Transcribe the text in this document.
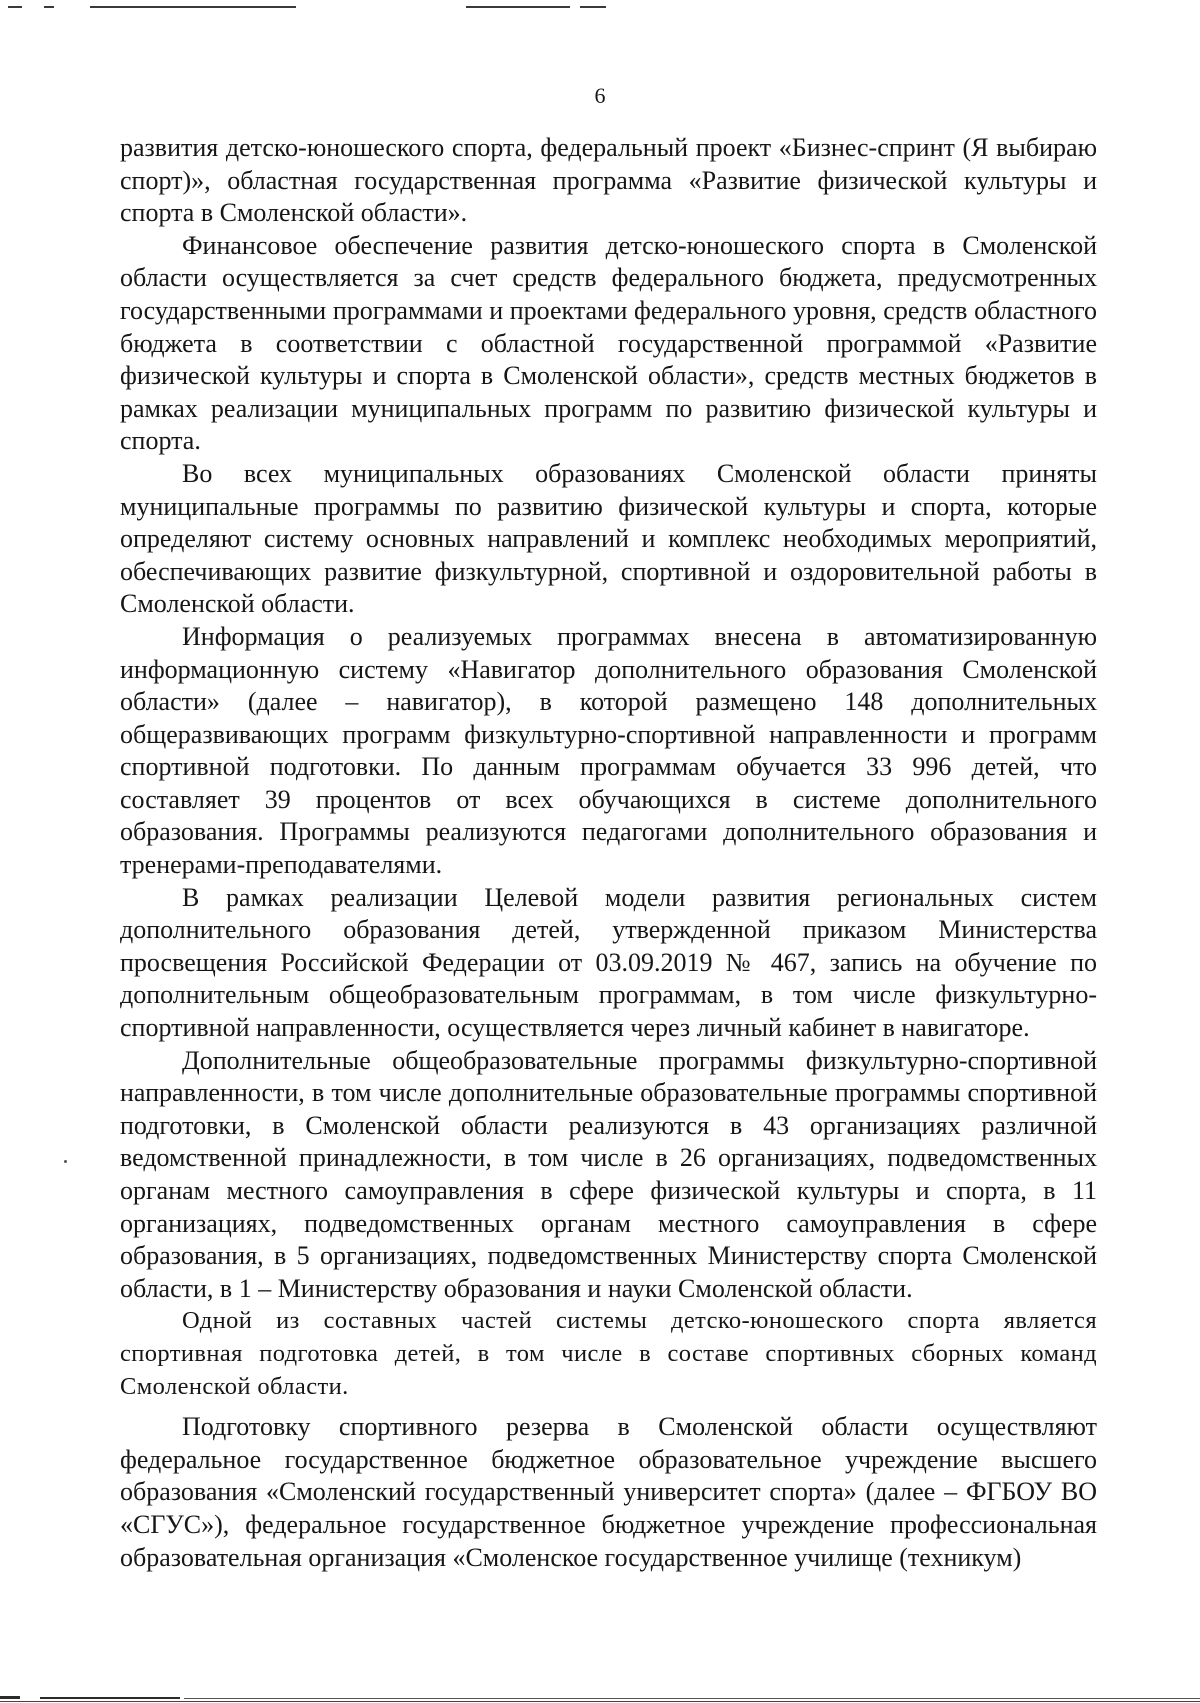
6

развития детско-юношеского спорта, федеральный проект «Бизнес-спринт (Я выбираю спорт)», областная государственная программа «Развитие физической культуры и спорта в Смоленской области».

Финансовое обеспечение развития детско-юношеского спорта в Смоленской области осуществляется за счет средств федерального бюджета, предусмотренных государственными программами и проектами федерального уровня, средств областного бюджета в соответствии с областной государственной программой «Развитие физической культуры и спорта в Смоленской области», средств местных бюджетов в рамках реализации муниципальных программ по развитию физической культуры и спорта.

Во всех муниципальных образованиях Смоленской области приняты муниципальные программы по развитию физической культуры и спорта, которые определяют систему основных направлений и комплекс необходимых мероприятий, обеспечивающих развитие физкультурной, спортивной и оздоровительной работы в Смоленской области.

Информация о реализуемых программах внесена в автоматизированную информационную систему «Навигатор дополнительного образования Смоленской области» (далее – навигатор), в которой размещено 148 дополнительных общеразвивающих программ физкультурно-спортивной направленности и программ спортивной подготовки. По данным программам обучается 33 996 детей, что составляет 39 процентов от всех обучающихся в системе дополнительного образования. Программы реализуются педагогами дополнительного образования и тренерами-преподавателями.

В рамках реализации Целевой модели развития региональных систем дополнительного образования детей, утвержденной приказом Министерства просвещения Российской Федерации от 03.09.2019 № 467, запись на обучение по дополнительным общеобразовательным программам, в том числе физкультурно-спортивной направленности, осуществляется через личный кабинет в навигаторе.

Дополнительные общеобразовательные программы физкультурно-спортивной направленности, в том числе дополнительные образовательные программы спортивной подготовки, в Смоленской области реализуются в 43 организациях различной ведомственной принадлежности, в том числе в 26 организациях, подведомственных органам местного самоуправления в сфере физической культуры и спорта, в 11 организациях, подведомственных органам местного самоуправления в сфере образования, в 5 организациях, подведомственных Министерству спорта Смоленской области, в 1 – Министерству образования и науки Смоленской области.

Одной из составных частей системы детско-юношеского спорта является спортивная подготовка детей, в том числе в составе спортивных сборных команд Смоленской области.

Подготовку спортивного резерва в Смоленской области осуществляют федеральное государственное бюджетное образовательное учреждение высшего образования «Смоленский государственный университет спорта» (далее – ФГБОУ ВО «СГУС»), федеральное государственное бюджетное учреждение профессиональная образовательная организация «Смоленское государственное училище (техникум)
